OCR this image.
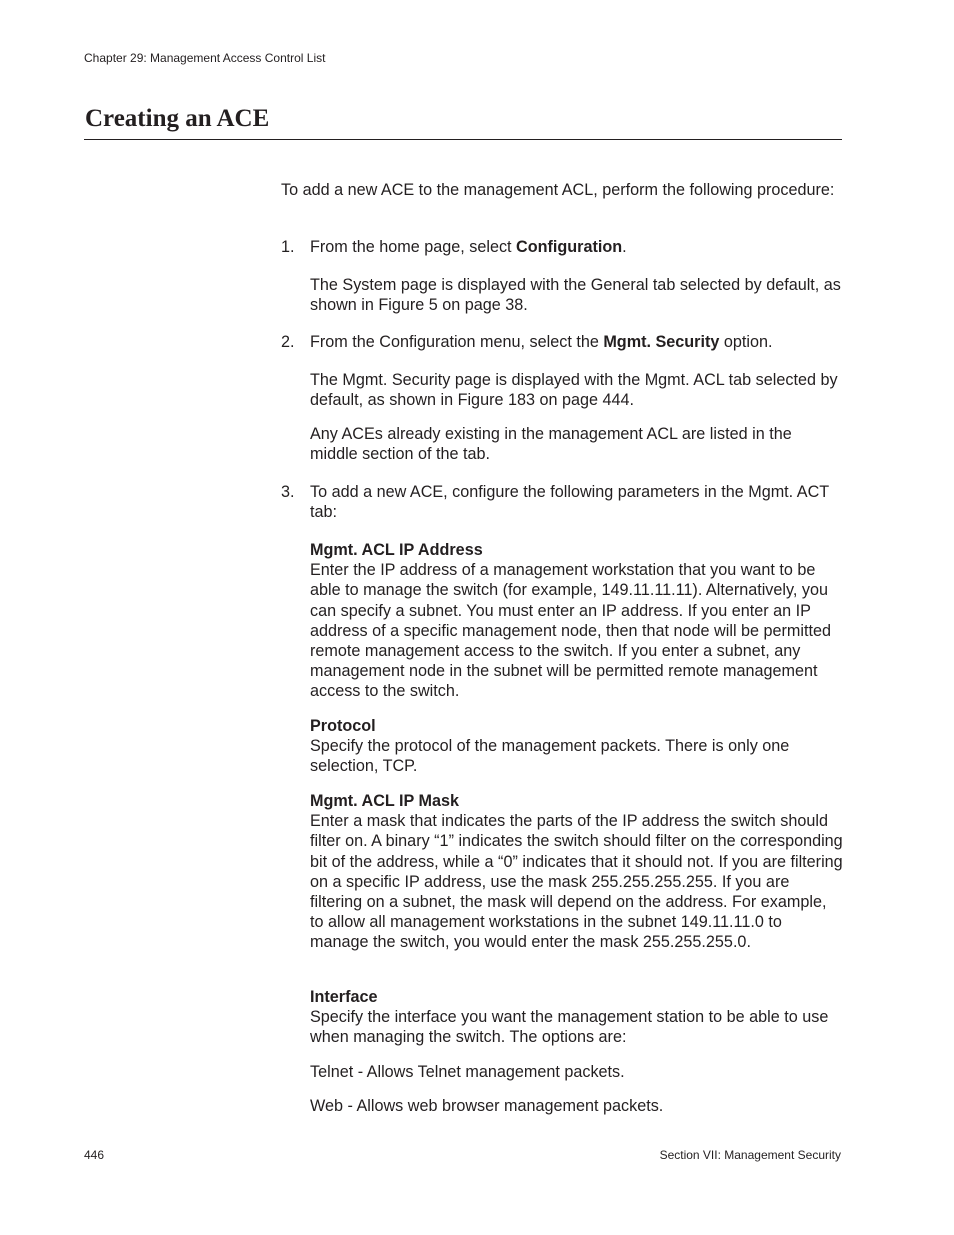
Chapter 29: Management Access Control List
Creating an ACE
To add a new ACE to the management ACL, perform the following procedure:
1. From the home page, select Configuration.
The System page is displayed with the General tab selected by default, as shown in Figure 5 on page 38.
2. From the Configuration menu, select the Mgmt. Security option.
The Mgmt. Security page is displayed with the Mgmt. ACL tab selected by default, as shown in Figure 183 on page 444.
Any ACEs already existing in the management ACL are listed in the middle section of the tab.
3. To add a new ACE, configure the following parameters in the Mgmt. ACT tab:
Mgmt. ACL IP Address
Enter the IP address of a management workstation that you want to be able to manage the switch (for example, 149.11.11.11). Alternatively, you can specify a subnet. You must enter an IP address. If you enter an IP address of a specific management node, then that node will be permitted remote management access to the switch. If you enter a subnet, any management node in the subnet will be permitted remote management access to the switch.
Protocol
Specify the protocol of the management packets. There is only one selection, TCP.
Mgmt. ACL IP Mask
Enter a mask that indicates the parts of the IP address the switch should filter on. A binary “1” indicates the switch should filter on the corresponding bit of the address, while a “0” indicates that it should not. If you are filtering on a specific IP address, use the mask 255.255.255.255. If you are filtering on a subnet, the mask will depend on the address. For example, to allow all management workstations in the subnet 149.11.11.0 to manage the switch, you would enter the mask 255.255.255.0.
Interface
Specify the interface you want the management station to be able to use when managing the switch. The options are:
Telnet - Allows Telnet management packets.
Web - Allows web browser management packets.
446	Section VII: Management Security
